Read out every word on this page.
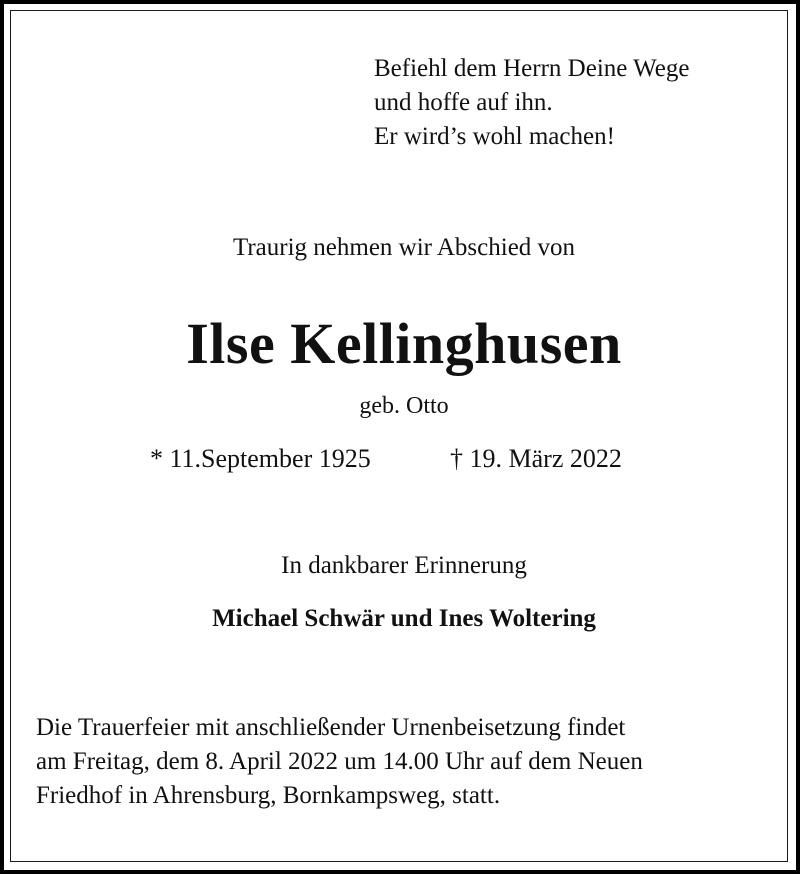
Befiehl dem Herrn Deine Wege
und hoffe auf ihn.
Er wird’s wohl machen!
Traurig nehmen wir Abschied von
Ilse Kellinghusen
geb. Otto
* 11.September 1925	† 19. März 2022
In dankbarer Erinnerung
Michael Schwär und Ines Woltering
Die Trauerfeier mit anschließender Urnenbeisetzung findet
am Freitag, dem 8. April 2022 um 14.00 Uhr auf dem Neuen
Friedhof in Ahrensburg, Bornkampsweg, statt.
